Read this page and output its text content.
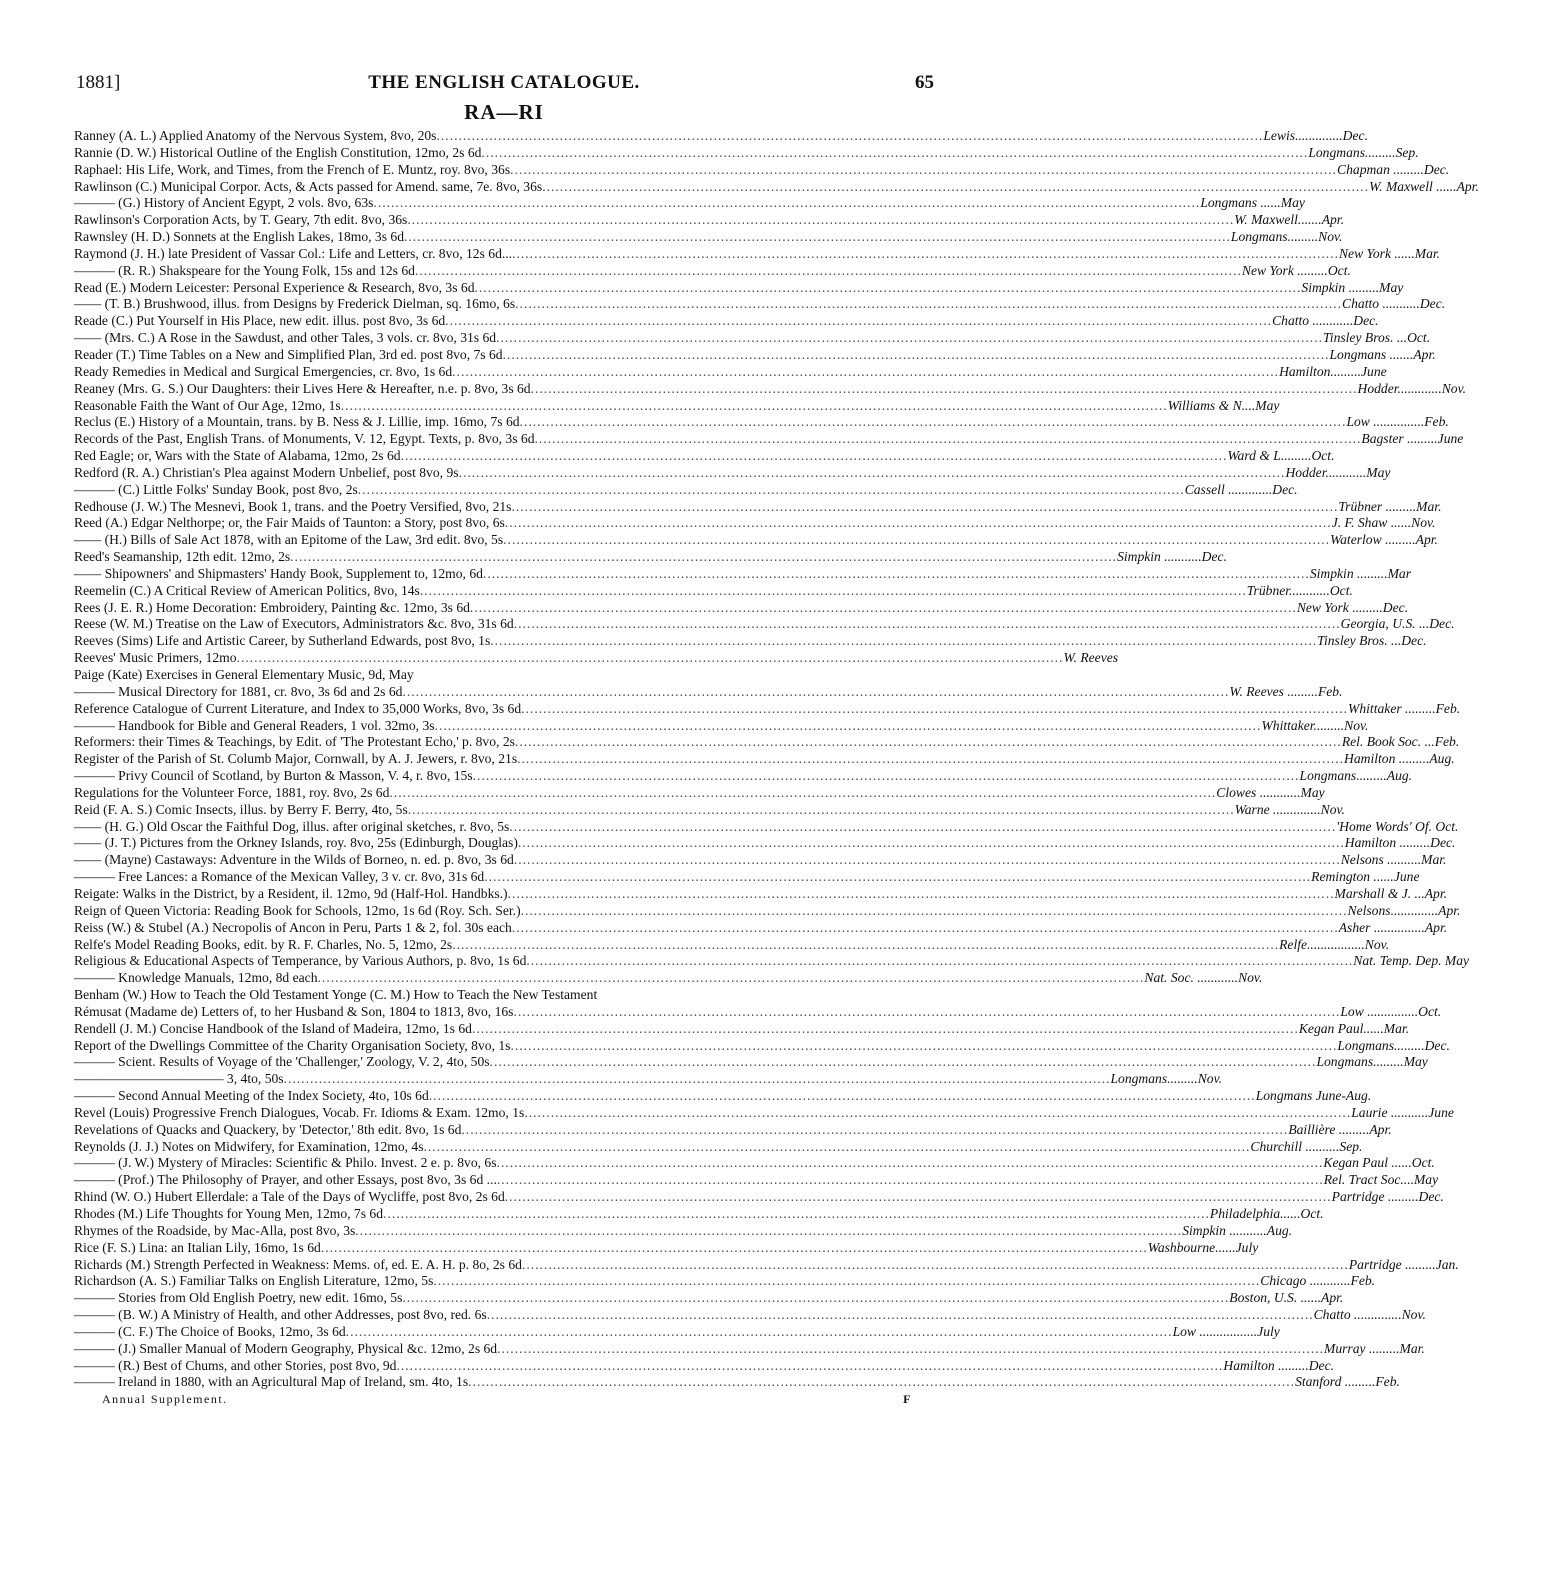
1881]	THE ENGLISH CATALOGUE.	65
RA—RI
Ranney (A. L.) Applied Anatomy of the Nervous System, 8vo, 20s .....	Lewis..............Dec.
Rannie (D. W.) Historical Outline of the English Constitution, 12mo, 2s 6d .....	Longmans.........Sep.
Raphael: His Life, Work, and Times, from the French of E. Muntz, roy. 8vo, 36s .....	Chapman .........Dec.
Rawlinson (C.) Municipal Corpor. Acts, & Acts passed for Amend. same, 7e. 8vo, 36s .....	W. Maxwell ......Apr.
——— (G.) History of Ancient Egypt, 2 vols. 8vo, 63s .....	Longmans ......May
Rawlinson's Corporation Acts, by T. Geary, 7th edit. 8vo, 36s .....	W. Maxwell.......Apr.
Rawnsley (H. D.) Sonnets at the English Lakes, 18mo, 3s 6d .....	Longmans.........Nov.
Raymond (J. H.) late President of Vassar Col.: Life and Letters, cr. 8vo, 12s 6d... .....	New York ......Mar.
——— (R. R.) Shakspeare for the Young Folk, 15s and 12s 6d .....	New York .........Oct.
Read (E.) Modern Leicester: Personal Experience & Research, 8vo, 3s 6d .....	Simpkin .........May
—— (T. B.) Brushwood, illus. from Designs by Frederick Dielman, sq. 16mo, 6s .....	Chatto ...........Dec.
Reade (C.) Put Yourself in His Place, new edit. illus. post 8vo, 3s 6d .....	Chatto ............Dec.
—— (Mrs. C.) A Rose in the Sawdust, and other Tales, 3 vols. cr. 8vo, 31s 6d .....	Tinsley Bros. ...Oct.
Reader (T.) Time Tables on a New and Simplified Plan, 3rd ed. post 8vo, 7s 6d .....	Longmans .......Apr.
Ready Remedies in Medical and Surgical Emergencies, cr. 8vo, 1s 6d .....	Hamilton.........June
Reaney (Mrs. G. S.) Our Daughters: their Lives Here & Hereafter, n.e. p. 8vo, 3s 6d .....	Hodder.............Nov.
Reasonable Faith the Want of Our Age, 12mo, 1s .....	Williams & N....May
Reclus (E.) History of a Mountain, trans. by B. Ness & J. Lillie, imp. 16mo, 7s 6d .....	Low ...............Feb.
Records of the Past, English Trans. of Monuments, V. 12, Egypt. Texts, p. 8vo, 3s 6d .....	Bagster .........June
Red Eagle; or, Wars with the State of Alabama, 12mo, 2s 6d .....	Ward & L.........Oct.
Redford (R. A.) Christian's Plea against Modern Unbelief, post 8vo, 9s .....	Hodder............May
——— (C.) Little Folks' Sunday Book, post 8vo, 2s .....	Cassell .............Dec.
Redhouse (J. W.) The Mesnevi, Book 1, trans. and the Poetry Versified, 8vo, 21s .....	Trübner .........Mar.
Reed (A.) Edgar Nelthorpe; or, the Fair Maids of Taunton: a Story, post 8vo, 6s .....	J. F. Shaw ......Nov.
—— (H.) Bills of Sale Act 1878, with an Epitome of the Law, 3rd edit. 8vo, 5s .....	Waterlow .........Apr.
Reed's Seamanship, 12th edit. 12mo, 2s .....	Simpkin ...........Dec.
—— Shipowners' and Shipmasters' Handy Book, Supplement to, 12mo, 6d .....	Simpkin .........Mar
Reemelin (C.) A Critical Review of American Politics, 8vo, 14s .....	Trübner............Oct.
Rees (J. E. R.) Home Decoration: Embroidery, Painting &c. 12mo, 3s 6d .....	New York .........Dec.
Reese (W. M.) Treatise on the Law of Executors, Administrators &c. 8vo, 31s 6d .....	Georgia, U.S. ...Dec.
Reeves (Sims) Life and Artistic Career, by Sutherland Edwards, post 8vo, 1s .....	Tinsley Bros. ...Dec.
Reeves' Music Primers, 12mo .....	W. Reeves
Paige (Kate) Exercises in General Elementary Music, 9d, May
——— Musical Directory for 1881, cr. 8vo, 3s 6d and 2s 6d .....	W. Reeves .........Feb.
Reference Catalogue of Current Literature, and Index to 35,000 Works, 8vo, 3s 6d .....	Whittaker .........Feb.
——— Handbook for Bible and General Readers, 1 vol. 32mo, 3s .....	Whittaker.........Nov.
Reformers: their Times & Teachings, by Edit. of 'The Protestant Echo,' p. 8vo, 2s .....	Rel. Book Soc. ...Feb.
Register of the Parish of St. Columb Major, Cornwall, by A. J. Jewers, r. 8vo, 21s .....	Hamilton .........Aug.
——— Privy Council of Scotland, by Burton & Masson, V. 4, r. 8vo, 15s .....	Longmans.........Aug.
Regulations for the Volunteer Force, 1881, roy. 8vo, 2s 6d .....	Clowes ............May
Reid (F. A. S.) Comic Insects, illus. by Berry F. Berry, 4to, 5s .....	Warne ..............Nov.
—— (H. G.) Old Oscar the Faithful Dog, illus. after original sketches, r. 8vo, 5s .....	'Home Words' Of. Oct.
—— (J. T.) Pictures from the Orkney Islands, roy. 8vo, 25s (Edinburgh, Douglas) .....	Hamilton .........Dec.
—— (Mayne) Castaways: Adventure in the Wilds of Borneo, n. ed. p. 8vo, 3s 6d .....	Nelsons ..........Mar.
——— Free Lances: a Romance of the Mexican Valley, 3 v. cr. 8vo, 31s 6d .....	Remington ......June
Reigate: Walks in the District, by a Resident, il. 12mo, 9d (Half-Hol. Handbks.) .....	Marshall & J. ...Apr.
Reign of Queen Victoria: Reading Book for Schools, 12mo, 1s 6d (Roy. Sch. Ser.) .....	Nelsons..............Apr.
Reiss (W.) & Stubel (A.) Necropolis of Ancon in Peru, Parts 1 & 2, fol. 30s each .....	Asher ...............Apr.
Relfe's Model Reading Books, edit. by R. F. Charles, No. 5, 12mo, 2s .....	Relfe.................Nov.
Religious & Educational Aspects of Temperance, by Various Authors, p. 8vo, 1s 6d .....	Nat. Temp. Dep. May
——— Knowledge Manuals, 12mo, 8d each .....	Nat. Soc. ............Nov.
Benham (W.) How to Teach the Old Testament Yonge (C. M.) How to Teach the New Testament
Rémusat (Madame de) Letters of, to her Husband & Son, 1804 to 1813, 8vo, 16s .....	Low ...............Oct.
Rendell (J. M.) Concise Handbook of the Island of Madeira, 12mo, 1s 6d .....	Kegan Paul......Mar.
Report of the Dwellings Committee of the Charity Organisation Society, 8vo, 1s .....	Longmans.........Dec.
——— Scient. Results of Voyage of the 'Challenger,' Zoology, V. 2, 4to, 50s .....	Longmans.........May
——————————— 3, 4to, 50s .....	Longmans.........Nov.
——— Second Annual Meeting of the Index Society, 4to, 10s 6d .....	Longmans June-Aug.
Revel (Louis) Progressive French Dialogues, Vocab. Fr. Idioms & Exam. 12mo, 1s .....	Laurie ...........June
Revelations of Quacks and Quackery, by 'Detector,' 8th edit. 8vo, 1s 6d .....	Baillière .........Apr.
Reynolds (J. J.) Notes on Midwifery, for Examination, 12mo, 4s .....	Churchill ..........Sep.
——— (J. W.) Mystery of Miracles: Scientific & Philo. Invest. 2 e. p. 8vo, 6s .....	Kegan Paul ......Oct.
——— (Prof.) The Philosophy of Prayer, and other Essays, post 8vo, 3s 6d ... .....	Rel. Tract Soc....May
Rhind (W. O.) Hubert Ellerdale: a Tale of the Days of Wycliffe, post 8vo, 2s 6d .....	Partridge .........Dec.
Rhodes (M.) Life Thoughts for Young Men, 12mo, 7s 6d .....	Philadelphia......Oct.
Rhymes of the Roadside, by Mac-Alla, post 8vo, 3s .....	Simpkin ...........Aug.
Rice (F. S.) Lina: an Italian Lily, 16mo, 1s 6d .....	Washbourne......July
Richards (M.) Strength Perfected in Weakness: Mems. of, ed. E. A. H. p. 8o, 2s 6d .....	Partridge .........Jan.
Richardson (A. S.) Familiar Talks on English Literature, 12mo, 5s .....	Chicago ............Feb.
——— Stories from Old English Poetry, new edit. 16mo, 5s .....	Boston, U.S. ......Apr.
——— (B. W.) A Ministry of Health, and other Addresses, post 8vo, red. 6s .....	Chatto ..............Nov.
——— (C. F.) The Choice of Books, 12mo, 3s 6d .....	Low .................July
——— (J.) Smaller Manual of Modern Geography, Physical &c. 12mo, 2s 6d .....	Murray .........Mar.
——— (R.) Best of Chums, and other Stories, post 8vo, 9d .....	Hamilton .........Dec.
——— Ireland in 1880, with an Agricultural Map of Ireland, sm. 4to, 1s .....	Stanford .........Feb.
Annual Supplement.	F
